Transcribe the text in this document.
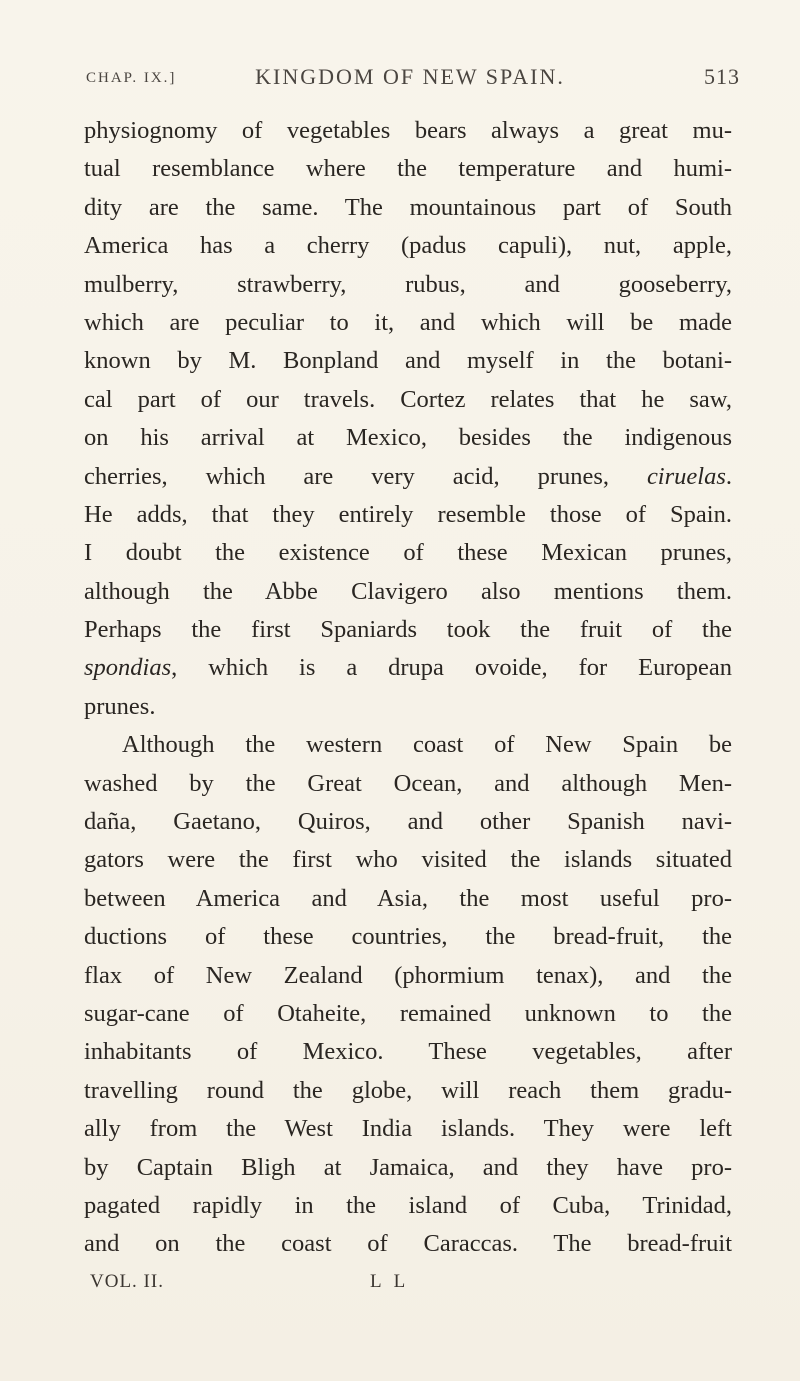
CHAP. IX.]	KINGDOM OF NEW SPAIN.	513
physiognomy of vegetables bears always a great mu-
tual resemblance where the temperature and humi-
dity are the same. The mountainous part of South
America has a cherry (padus capuli), nut, apple,
mulberry, strawberry, rubus, and gooseberry,
which are peculiar to it, and which will be made
known by M. Bonpland and myself in the botani-
cal part of our travels. Cortez relates that he saw,
on his arrival at Mexico, besides the indigenous
cherries, which are very acid, prunes, ciruelas.
He adds, that they entirely resemble those of Spain.
I doubt the existence of these Mexican prunes,
although the Abbe Clavigero also mentions them.
Perhaps the first Spaniards took the fruit of the
spondias, which is a drupa ovoide, for European
prunes.
Although the western coast of New Spain be
washed by the Great Ocean, and although Men-
daña, Gaetano, Quiros, and other Spanish navi-
gators were the first who visited the islands situated
between America and Asia, the most useful pro-
ductions of these countries, the bread-fruit, the
flax of New Zealand (phormium tenax), and the
sugar-cane of Otaheite, remained unknown to the
inhabitants of Mexico. These vegetables, after
travelling round the globe, will reach them gradu-
ally from the West India islands. They were left
by Captain Bligh at Jamaica, and they have pro-
pagated rapidly in the island of Cuba, Trinidad,
and on the coast of Caraccas. The bread-fruit
VOL. II.	L L
